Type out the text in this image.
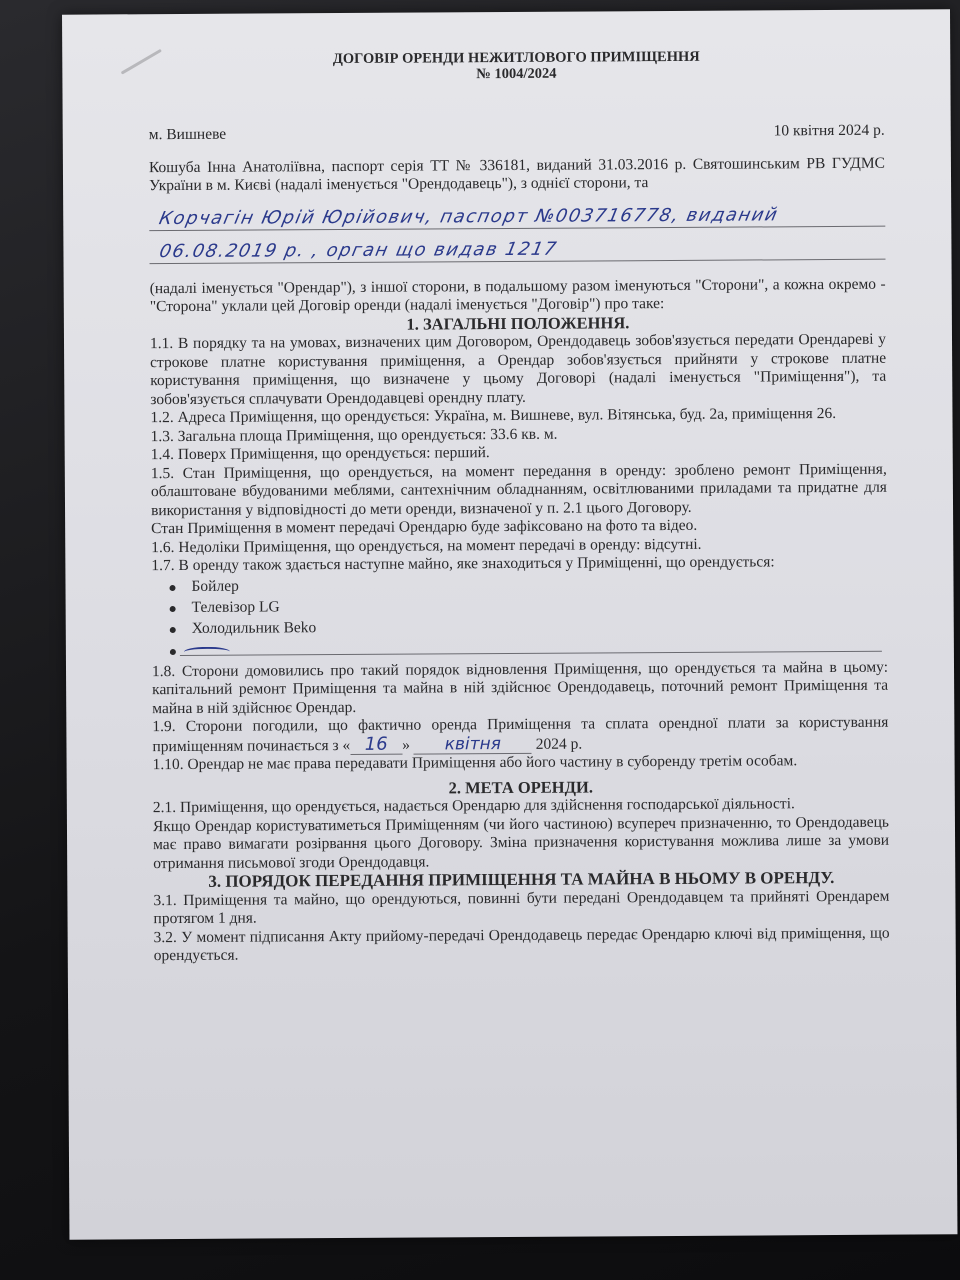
ДОГОВІР ОРЕНДИ НЕЖИТЛОВОГО ПРИМІЩЕННЯ
№ 1004/2024
м. Вишневе	10 квітня 2024 р.
Кошуба Інна Анатоліївна, паспорт серія ТТ № 336181, виданий 31.03.2016 р. Святошинським РВ ГУДМС України в м. Києві (надалі іменується "Орендодавець"), з однієї сторони, та
Корчагін Юрій Юрійович, паспорт №003716778, виданий
06.08.2019 р. , орган що видав 1217
(надалі іменується "Орендар"), з іншої сторони, в подальшому разом іменуються "Сторони", а кожна окремо - "Сторона" уклали цей Договір оренди (надалі іменується "Договір") про таке:
1. ЗАГАЛЬНІ ПОЛОЖЕННЯ.
1.1. В порядку та на умовах, визначених цим Договором, Орендодавець зобов'язується передати Орендареві у строкове платне користування приміщення, а Орендар зобов'язується прийняти у строкове платне користування приміщення, що визначене у цьому Договорі (надалі іменується "Приміщення"), та зобов'язується сплачувати Орендодавцеві орендну плату.
1.2. Адреса Приміщення, що орендується: Україна, м. Вишневе, вул. Вітянська, буд. 2а, приміщення 26.
1.3. Загальна площа Приміщення, що орендується: 33.6 кв. м.
1.4. Поверх Приміщення, що орендується: перший.
1.5. Стан Приміщення, що орендується, на момент передання в оренду: зроблено ремонт Приміщення, облаштоване вбудованими меблями, сантехнічним обладнанням, освітлюваними приладами та придатне для використання у відповідності до мети оренди, визначеної у п. 2.1 цього Договору.
Стан Приміщення в момент передачі Орендарю буде зафіксовано на фото та відео.
1.6. Недоліки Приміщення, що орендується, на момент передачі в оренду: відсутні.
1.7. В оренду також здається наступне майно, яке знаходиться у Приміщенні, що орендується:
Бойлер
Телевізор LG
Холодильник Beko
1.8. Сторони домовились про такий порядок відновлення Приміщення, що орендується та майна в цьому: капітальний ремонт Приміщення та майна в ній здійснює Орендодавець, поточний ремонт Приміщення та майна в ній здійснює Орендар.
1.9. Сторони погодили, що фактично оренда Приміщення та сплата орендної плати за користування приміщенням починається з « 16 » квітня 2024 р.
1.10. Орендар не має права передавати Приміщення або його частину в суборенду третім особам.
2. МЕТА ОРЕНДИ.
2.1. Приміщення, що орендується, надається Орендарю для здійснення господарської діяльності.
Якщо Орендар користуватиметься Приміщенням (чи його частиною) всупереч призначенню, то Орендодавець має право вимагати розірвання цього Договору. Зміна призначення користування можлива лише за умови отримання письмової згоди Орендодавця.
3. ПОРЯДОК ПЕРЕДАННЯ ПРИМІЩЕННЯ ТА МАЙНА В НЬОМУ В ОРЕНДУ.
3.1. Приміщення та майно, що орендуються, повинні бути передані Орендодавцем та прийняті Орендарем протягом 1 дня.
3.2. У момент підписання Акту прийому-передачі Орендодавець передає Орендарю ключі від приміщення, що орендується.
